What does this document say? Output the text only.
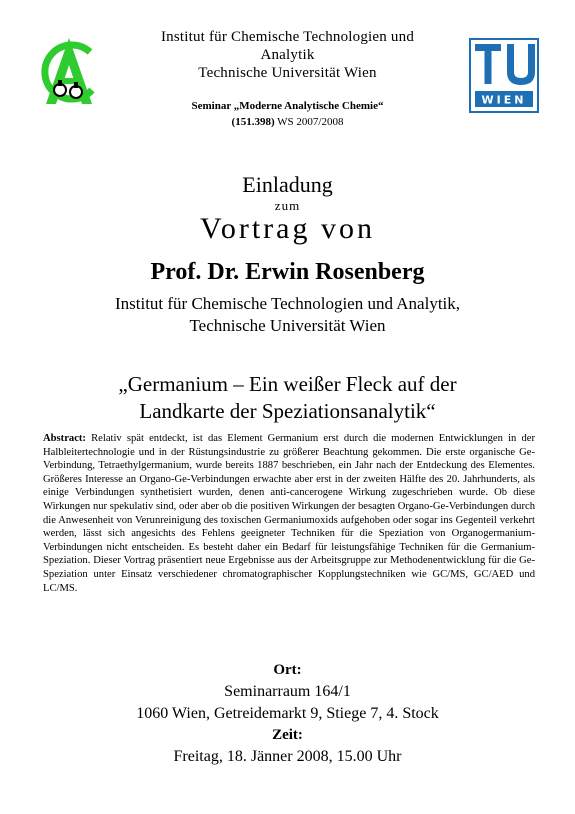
Institut für Chemische Technologien und
Analytik
Technische Universität Wien
Seminar „Moderne Analytische Chemie“
(151.398) WS 2007/2008
WIEN
Einladung
zum
Vortrag von
Prof. Dr. Erwin Rosenberg
Institut für Chemische Technologien und Analytik,
Technische Universität Wien
„Germanium – Ein weißer Fleck auf der
Landkarte der Speziationsanalytik“
Abstract: Relativ spät entdeckt, ist das Element Germanium erst durch die modernen Entwicklungen in der Halbleitertechnologie und in der Rüstungsindustrie zu größerer Beachtung gekommen. Die erste organische Ge-Verbindung, Tetraethylgermanium, wurde bereits 1887 beschrieben, ein Jahr nach der Entdeckung des Elementes. Größeres Interesse an Organo-Ge-Verbindungen erwachte aber erst in der zweiten Hälfte des 20. Jahrhunderts, als einige Verbindungen synthetisiert wurden, denen anti-cancerogene Wirkung zugeschrieben wurde. Ob diese Wirkungen nur spekulativ sind, oder aber ob die positiven Wirkungen der besagten Organo-Ge-Verbindungen durch die Anwesenheit von Verunreinigung des toxischen Germaniumoxids aufgehoben oder sogar ins Gegenteil verkehrt werden, lässt sich angesichts des Fehlens geeigneter Techniken für die Speziation von Organogermanium-Verbindungen nicht entscheiden. Es besteht daher ein Bedarf für leistungsfähige Techniken für die Germanium-Speziation. Dieser Vortrag präsentiert neue Ergebnisse aus der Arbeitsgruppe zur Methodenentwicklung für die Ge-Speziation unter Einsatz verschiedener chromatographischer Kopplungstechniken wie GC/MS, GC/AED und LC/MS.
Ort:
Seminarraum 164/1
1060 Wien, Getreidemarkt 9, Stiege 7, 4. Stock
Zeit:
Freitag, 18. Jänner 2008, 15.00 Uhr
